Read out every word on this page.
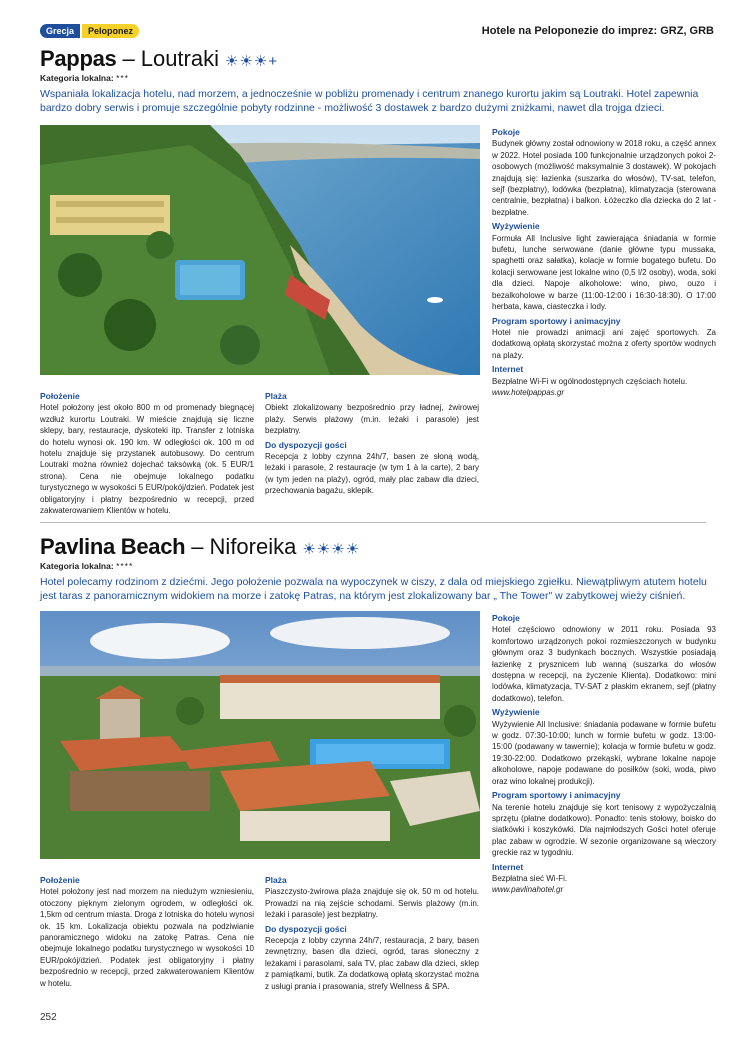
Grecja	Peloponez	Hotele na Peloponezie do imprez: GRZ, GRB
Pappas – Loutraki ☀☀☀+
Kategoria lokalna: ***
Wspaniała lokalizacja hotelu, nad morzem, a jednocześnie w pobliżu promenady i centrum znanego kurortu jakim są Loutraki. Hotel zapewnia bardzo dobry serwis i promuje szczególnie pobyty rodzinne - możliwość 3 dostawek z bardzo dużymi zniżkami, nawet dla trojga dzieci.
Pokoje

Budynek główny został odnowiony w 2018 roku, a część annex w 2022. Hotel posiada 100 funkcjonalnie urządzonych pokoi 2-osobowych (możliwość maksymalnie 3 dostawek). W pokojach znajdują się: łazienka (suszarka do włosów), TV-sat, telefon, sejf (bezpłatny), lodówka (bezpłatna), klimatyzacja (sterowana centralnie, bezpłatna) i balkon. Łóżeczko dla dziecka do 2 lat - bezpłatne.

Wyżywienie

Formuła All Inclusive light zawierająca śniadania w formie bufetu, lunche serwowane (danie główne typu mussaka, spaghetti oraz sałatka), kolacje w formie bogatego bufetu. Do kolacji serwowane jest lokalne wino (0,5 l/2 osoby), woda, soki dla dzieci. Napoje alkoholowe: wino, piwo, ouzo i bezalkoholowe w barze (11:00-12:00 i 16:30-18:30). O 17:00 herbata, kawa, ciasteczka i lody.

Program sportowy i animacyjny

Hotel nie prowadzi animacji ani zajęć sportowych. Za dodatkową opłatą skorzystać można z oferty sportów wodnych na plaży.

Internet

Bezpłatne Wi-Fi w ogólnodostępnych częściach hotelu.

www.hotelpappas.gr

Położenie

Hotel położony jest około 800 m od promenady biegnącej wzdłuż kurortu Loutraki. W mieście znajdują się liczne sklepy, bary, restauracje, dyskoteki itp. Transfer z lotniska do hotelu wynosi ok. 190 km. W odległości ok. 100 m od hotelu znajduje się przystanek autobusowy. Do centrum Loutraki można również dojechać taksówką (ok. 5 EUR/1 strona). Cena nie obejmuje lokalnego podatku turystycznego w wysokości 5 EUR/pokój/dzień. Podatek jest obligatoryjny i płatny bezpośrednio w recepcji, przed zakwaterowaniem Klientów w hotelu.

Plaża

Obiekt zlokalizowany bezpośrednio przy ładnej, żwirowej plaży. Serwis plażowy (m.in. leżaki i parasole) jest bezpłatny.

Do dyspozycji gości

Recepcja z lobby czynna 24h/7, basen ze słoną wodą, leżaki i parasole, 2 restauracje (w tym 1 à la carte), 2 bary (w tym jeden na plaży), ogród, mały plac zabaw dla dzieci, przechowania bagażu, sklepik.

Pavlina Beach – Niforeika ☀☀☀☀
Kategoria lokalna: ****
Hotel polecamy rodzinom z dziećmi. Jego położenie pozwala na wypoczynek w ciszy, z dala od miejskiego zgiełku. Niewątpliwym atutem hotelu jest taras z panoramicznym widokiem na morze i zatokę Patras, na którym jest zlokalizowany bar „ The Tower" w zabytkowej wieży ciśnień.
Pokoje

Hotel częściowo odnowiony w 2011 roku. Posiada 93 komfortowo urządzonych pokoi rozmieszczonych w budynku głównym oraz 3 budynkach bocznych. Wszystkie posiadają łazienkę z prysznicem lub wanną (suszarka do włosów dostępna w recepcji, na życzenie Klienta). Dodatkowo: mini lodówka, klimatyzacja, TV-SAT z płaskim ekranem, sejf (płatny dodatkowo), telefon.

Wyżywienie

Wyżywienie All Inclusive: śniadania podawane w formie bufetu w godz. 07:30-10:00; lunch w formie bufetu w godz. 13:00-15:00 (podawany w tawernie); kolacja w formie bufetu w godz. 19:30-22:00. Dodatkowo przekąski, wybrane lokalne napoje alkoholowe, napoje podawane do posiłków (soki, woda, piwo oraz wino lokalnej produkcji).

Program sportowy i animacyjny

Na terenie hotelu znajduje się kort tenisowy z wypożyczalnią sprzętu (płatne dodatkowo). Ponadto: tenis stołowy, boisko do siatkówki i koszykówki. Dla najmłodszych Gości hotel oferuje plac zabaw w ogrodzie. W sezonie organizowane są wieczory greckie raz w tygodniu.

Internet

Bezpłatna sieć Wi-Fi.

www.pavlinahotel.gr

Położenie

Hotel położony jest nad morzem na niedużym wzniesieniu, otoczony pięknym zielonym ogrodem, w odległości ok. 1,5km od centrum miasta. Droga z lotniska do hotelu wynosi ok. 15 km. Lokalizacja obiektu pozwala na podziwianie panoramicznego widoku na zatokę Patras. Cena nie obejmuje lokalnego podatku turystycznego w wysokości 10 EUR/pokój/dzień. Podatek jest obligatoryjny i płatny bezpośrednio w recepcji, przed zakwaterowaniem Klientów w hotelu.

Plaża

Piaszczysto-żwirowa plaża znajduje się ok. 50 m od hotelu. Prowadzi na nią zejście schodami. Serwis plażowy (m.in. leżaki i parasole) jest bezpłatny.

Do dyspozycji gości

Recepcja z lobby czynna 24h/7, restauracja, 2 bary, basen zewnętrzny, basen dla dzieci, ogród, taras słoneczny z leżakami i parasolami, sala TV, plac zabaw dla dzieci, sklep z pamiątkami, butik. Za dodatkową opłatą skorzystać można z usługi prania i prasowania, strefy Wellness & SPA.

252
